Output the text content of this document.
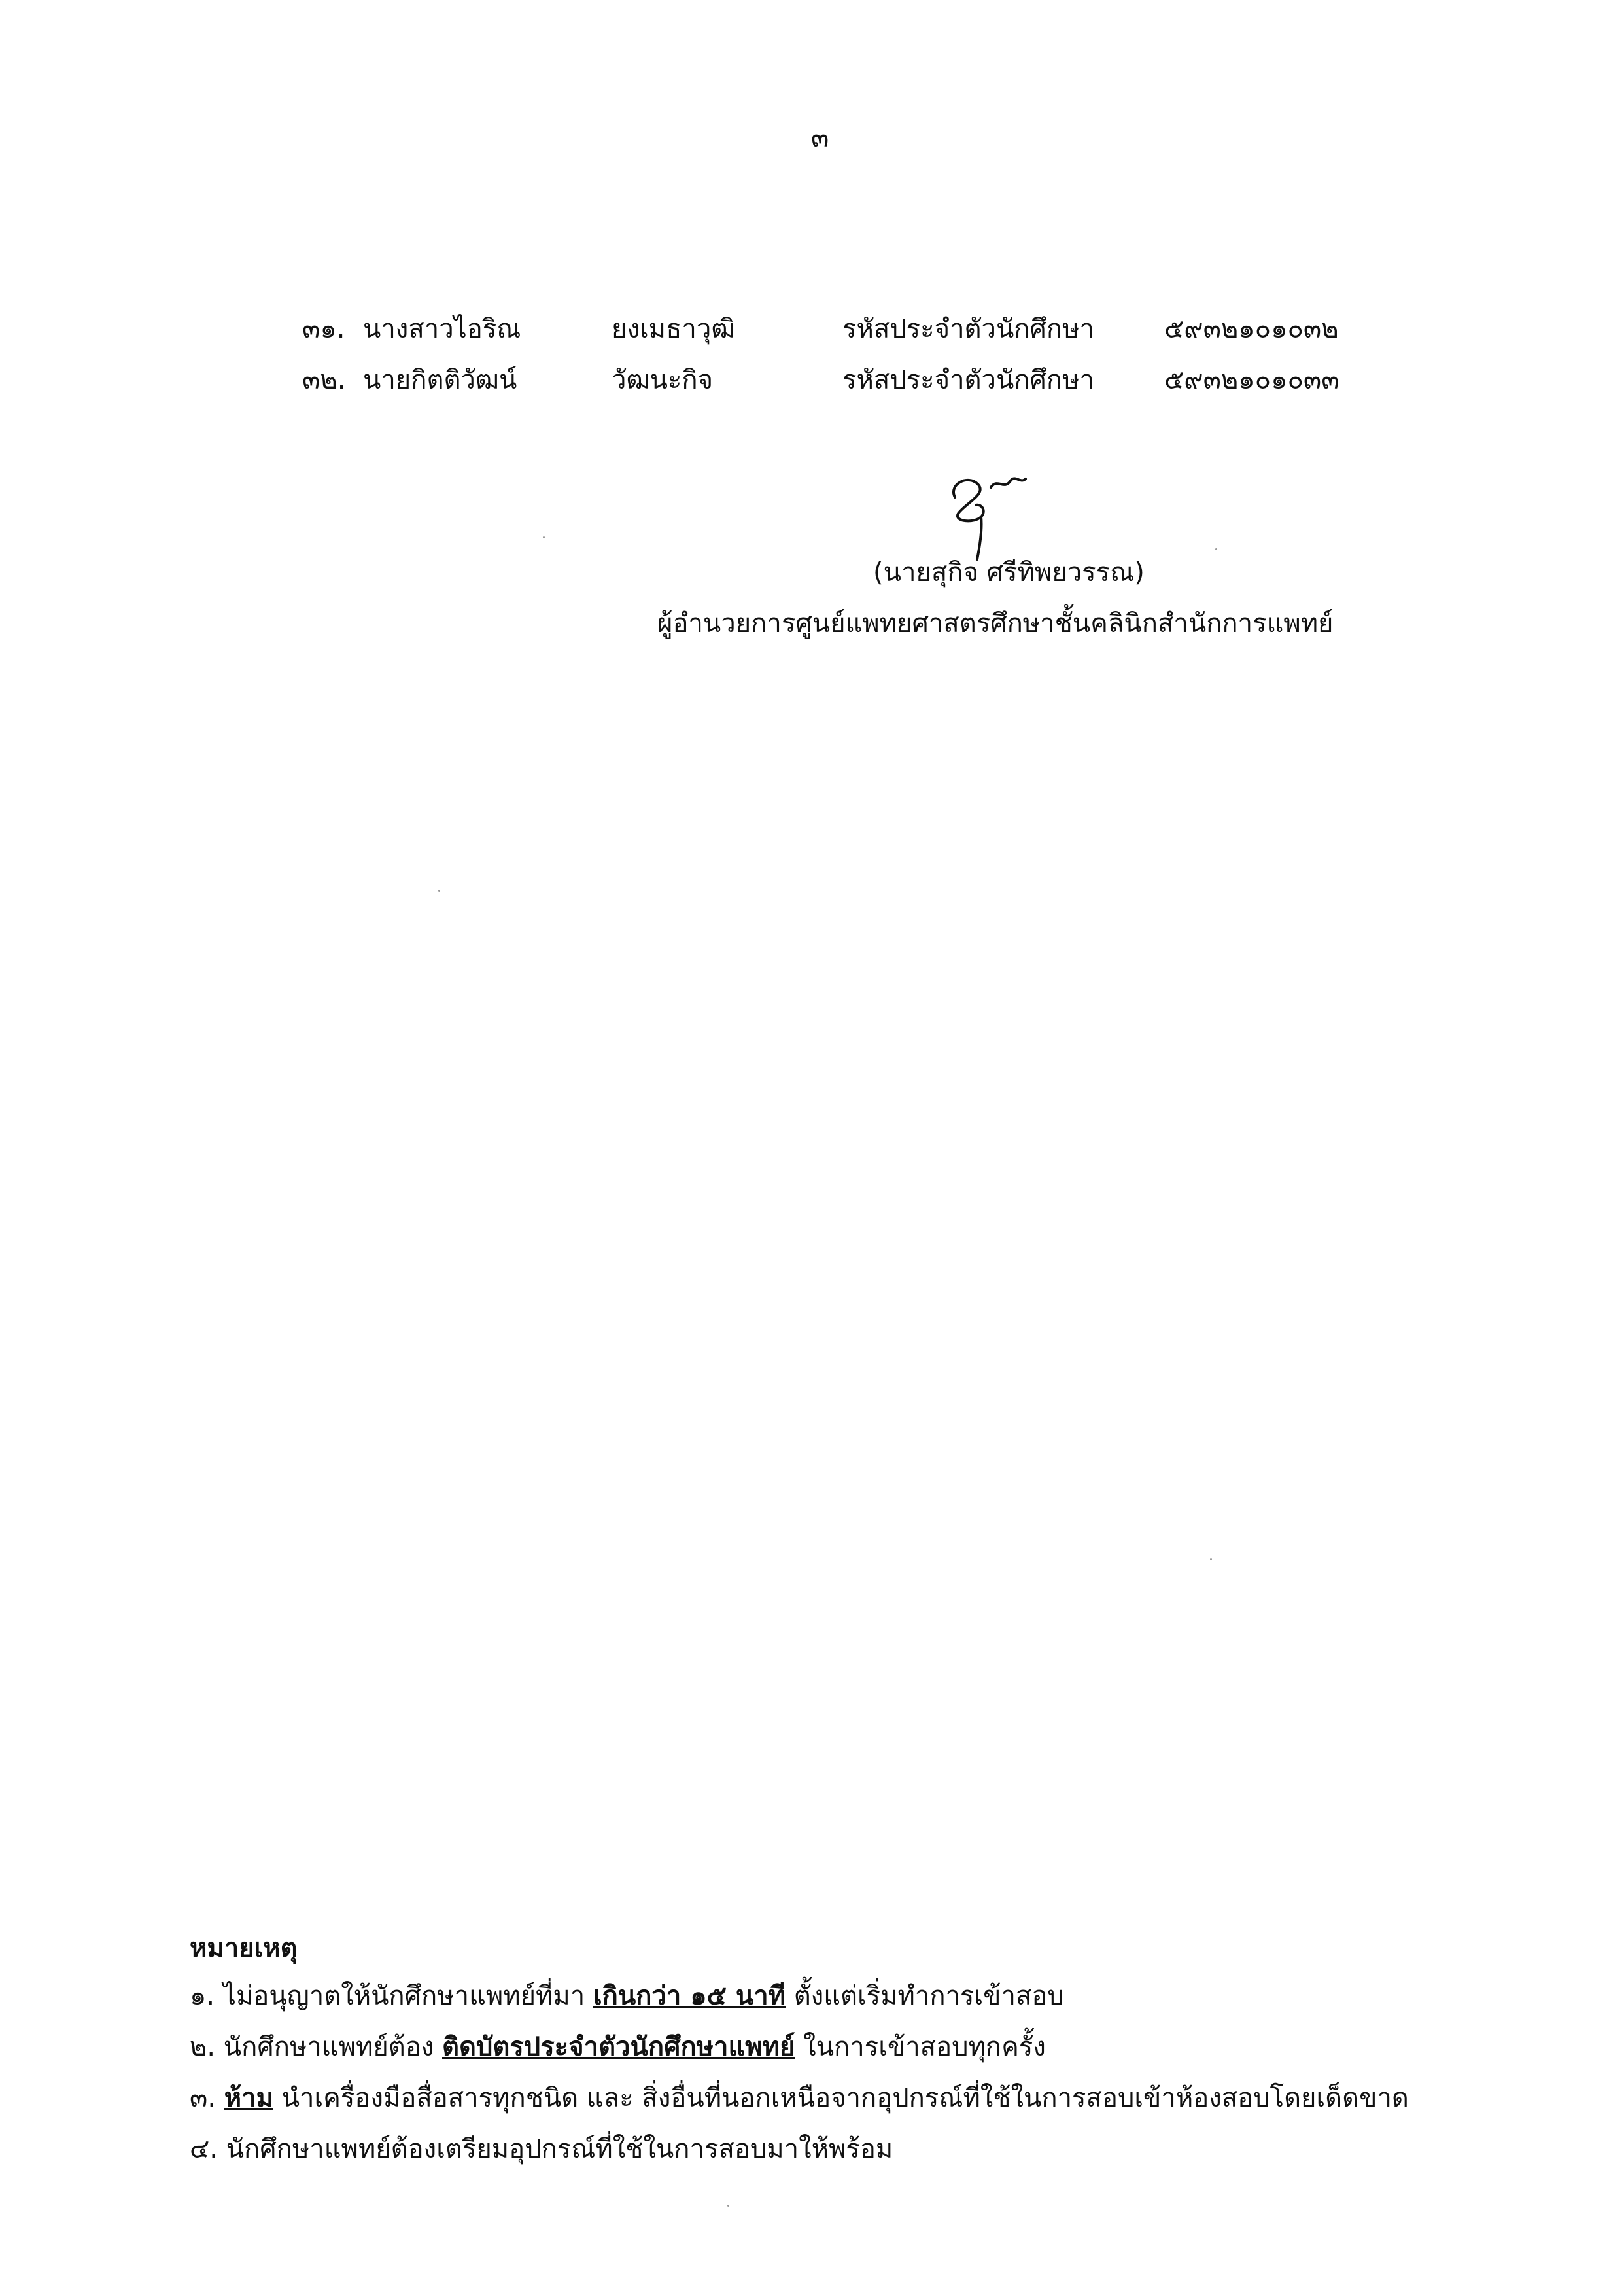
๓
๓๑. นางสาวไอริณ	ยงเมธาวุฒิ	รหัสประจำตัวนักศึกษา	๕๙๓๒๑๐๑๐๓๒
๓๒. นายกิตติวัฒน์	วัฒนะกิจ	รหัสประจำตัวนักศึกษา	๕๙๓๒๑๐๑๐๓๓
(นายสุกิจ ศรีทิพยวรรณ)
ผู้อำนวยการศูนย์แพทยศาสตรศึกษาชั้นคลินิกสำนักการแพทย์
หมายเหตุ
๑. ไม่อนุญาตให้นักศึกษาแพทย์ที่มา เกินกว่า ๑๕ นาที ตั้งแต่เริ่มทำการเข้าสอบ
๒. นักศึกษาแพทย์ต้อง ติดบัตรประจำตัวนักศึกษาแพทย์ ในการเข้าสอบทุกครั้ง
๓. ห้าม นำเครื่องมือสื่อสารทุกชนิด และ สิ่งอื่นที่นอกเหนือจากอุปกรณ์ที่ใช้ในการสอบเข้าห้องสอบโดยเด็ดขาด
๔. นักศึกษาแพทย์ต้องเตรียมอุปกรณ์ที่ใช้ในการสอบมาให้พร้อม
